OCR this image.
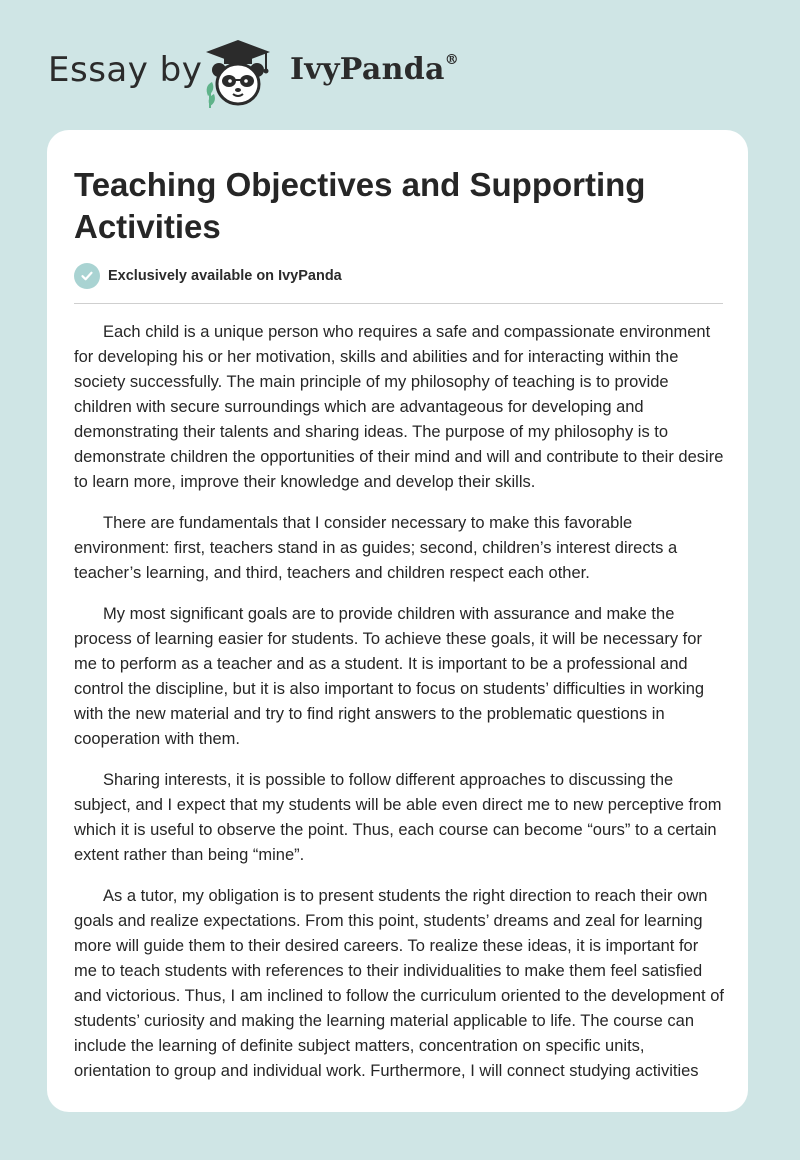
Essay by	IvyPanda®
Teaching Objectives and Supporting Activities
Exclusively available on IvyPanda

Each child is a unique person who requires a safe and compassionate environment for developing his or her motivation, skills and abilities and for interacting within the society successfully. The main principle of my philosophy of teaching is to provide children with secure surroundings which are advantageous for developing and demonstrating their talents and sharing ideas. The purpose of my philosophy is to demonstrate children the opportunities of their mind and will and contribute to their desire to learn more, improve their knowledge and develop their skills.

There are fundamentals that I consider necessary to make this favorable environment: first, teachers stand in as guides; second, children’s interest directs a teacher’s learning, and third, teachers and children respect each other.

My most significant goals are to provide children with assurance and make the process of learning easier for students. To achieve these goals, it will be necessary for me to perform as a teacher and as a student. It is important to be a professional and control the discipline, but it is also important to focus on students’ difficulties in working with the new material and try to find right answers to the problematic questions in cooperation with them.

Sharing interests, it is possible to follow different approaches to discussing the subject, and I expect that my students will be able even direct me to new perceptive from which it is useful to observe the point. Thus, each course can become “ours” to a certain extent rather than being “mine”.

As a tutor, my obligation is to present students the right direction to reach their own goals and realize expectations. From this point, students’ dreams and zeal for learning more will guide them to their desired careers. To realize these ideas, it is important for me to teach students with references to their individualities to make them feel satisfied and victorious. Thus, I am inclined to follow the curriculum oriented to the development of students’ curiosity and making the learning material applicable to life. The course can include the learning of definite subject matters, concentration on specific units, orientation to group and individual work. Furthermore, I will connect studying activities
